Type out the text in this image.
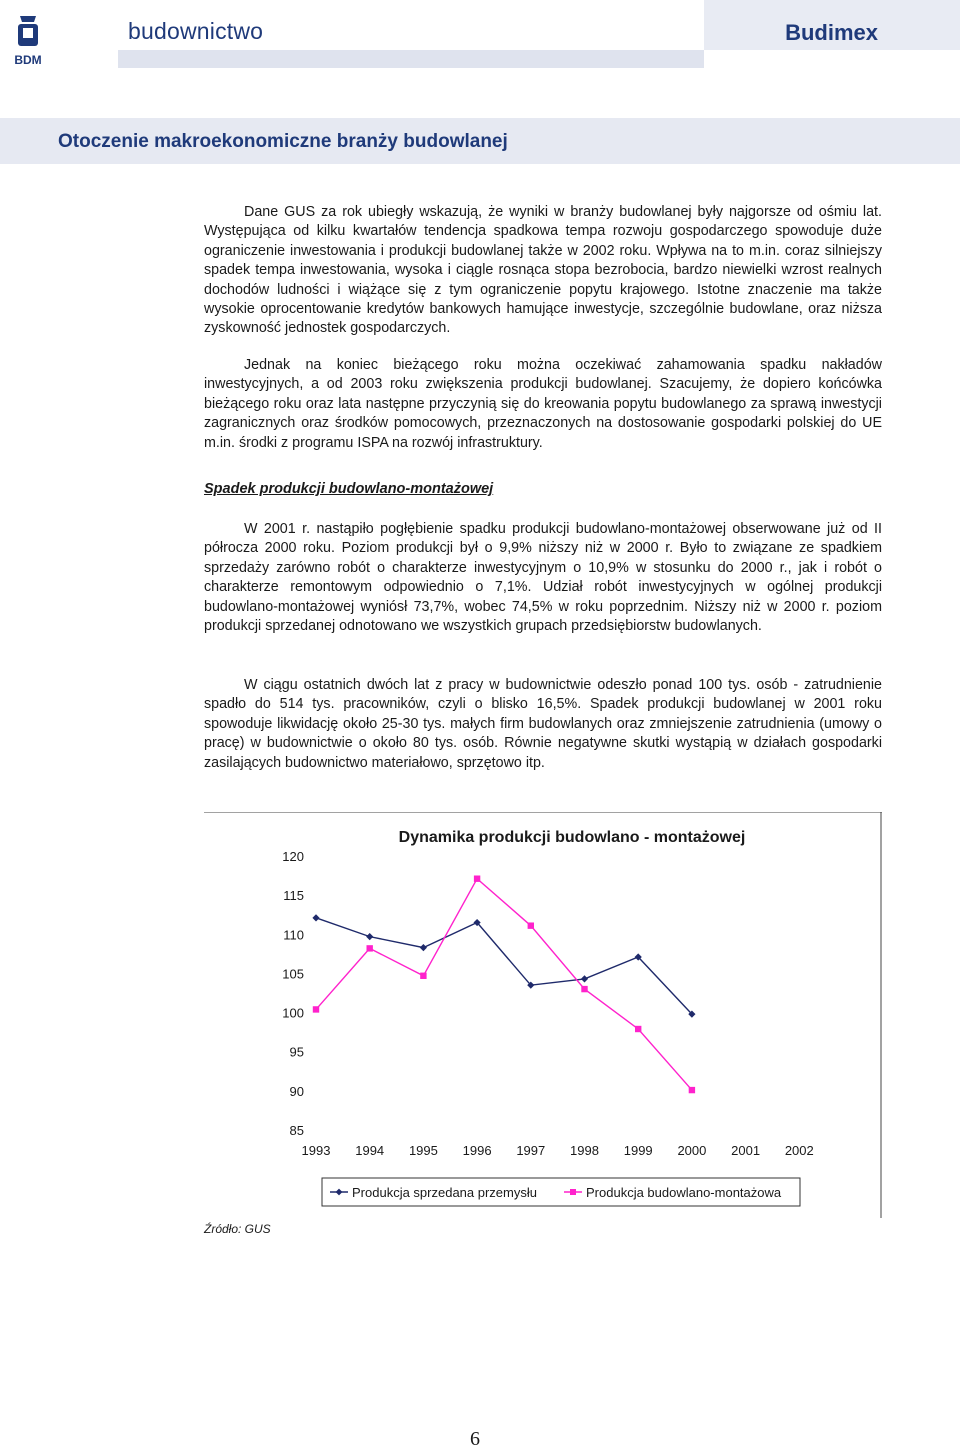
BDM
budownictwo	Budimex
Otoczenie makroekonomiczne branży budowlanej

Dane GUS za rok ubiegły wskazują, że wyniki w branży budowlanej były najgorsze od ośmiu lat. Występująca od kilku kwartałów tendencja spadkowa tempa rozwoju gospodarczego spowoduje duże ograniczenie inwestowania i produkcji budowlanej także w 2002 roku. Wpływa na to m.in. coraz silniejszy spadek tempa inwestowania, wysoka i ciągle rosnąca stopa bezrobocia, bardzo niewielki wzrost realnych dochodów ludności i wiążące się z tym ograniczenie popytu krajowego. Istotne znaczenie ma także wysokie oprocentowanie kredytów bankowych hamujące inwestycje, szczególnie budowlane, oraz niższa zyskowność jednostek gospodarczych.

Jednak na koniec bieżącego roku można oczekiwać zahamowania spadku nakładów inwestycyjnych, a od 2003 roku zwiększenia produkcji budowlanej. Szacujemy, że dopiero końcówka bieżącego roku oraz lata następne przyczynią się do kreowania popytu budowlanego za sprawą inwestycji zagranicznych oraz środków pomocowych, przeznaczonych na dostosowanie gospodarki polskiej do UE m.in. środki z programu ISPA na rozwój infrastruktury.

Spadek produkcji budowlano-montażowej

W 2001 r. nastąpiło pogłębienie spadku produkcji budowlano-montażowej obserwowane już od II półrocza 2000 roku. Poziom produkcji był o 9,9% niższy niż w 2000 r. Było to związane ze spadkiem sprzedaży zarówno robót o charakterze inwestycyjnym o 10,9% w stosunku do 2000 r., jak i robót o charakterze remontowym odpowiednio o 7,1%. Udział robót inwestycyjnych w ogólnej produkcji budowlano-montażowej wyniósł 73,7%, wobec 74,5% w roku poprzednim. Niższy niż w 2000 r. poziom produkcji sprzedanej odnotowano we wszystkich grupach przedsiębiorstw budowlanych.

W ciągu ostatnich dwóch lat z pracy w budownictwie odeszło ponad 100 tys. osób - zatrudnienie spadło do 514 tys. pracowników, czyli o blisko 16,5%. Spadek produkcji budowlanej w 2001 roku spowoduje likwidację około 25-30 tys. małych firm budowlanych oraz zmniejszenie zatrudnienia (umowy o pracę) w budownictwie o około 80 tys. osób. Równie negatywne skutki wystąpią w działach gospodarki zasilających budownictwo materiałowo, sprzętowo itp.

Dynamika produkcji budowlano - montażowej
120
115
110
105
100
95
90
85
1993 1994 1995 1996 1997 1998 1999 2000 2001 2002
Produkcja sprzedana przemysłu	Produkcja budowlano-montażowa
Źródło: GUS
6
